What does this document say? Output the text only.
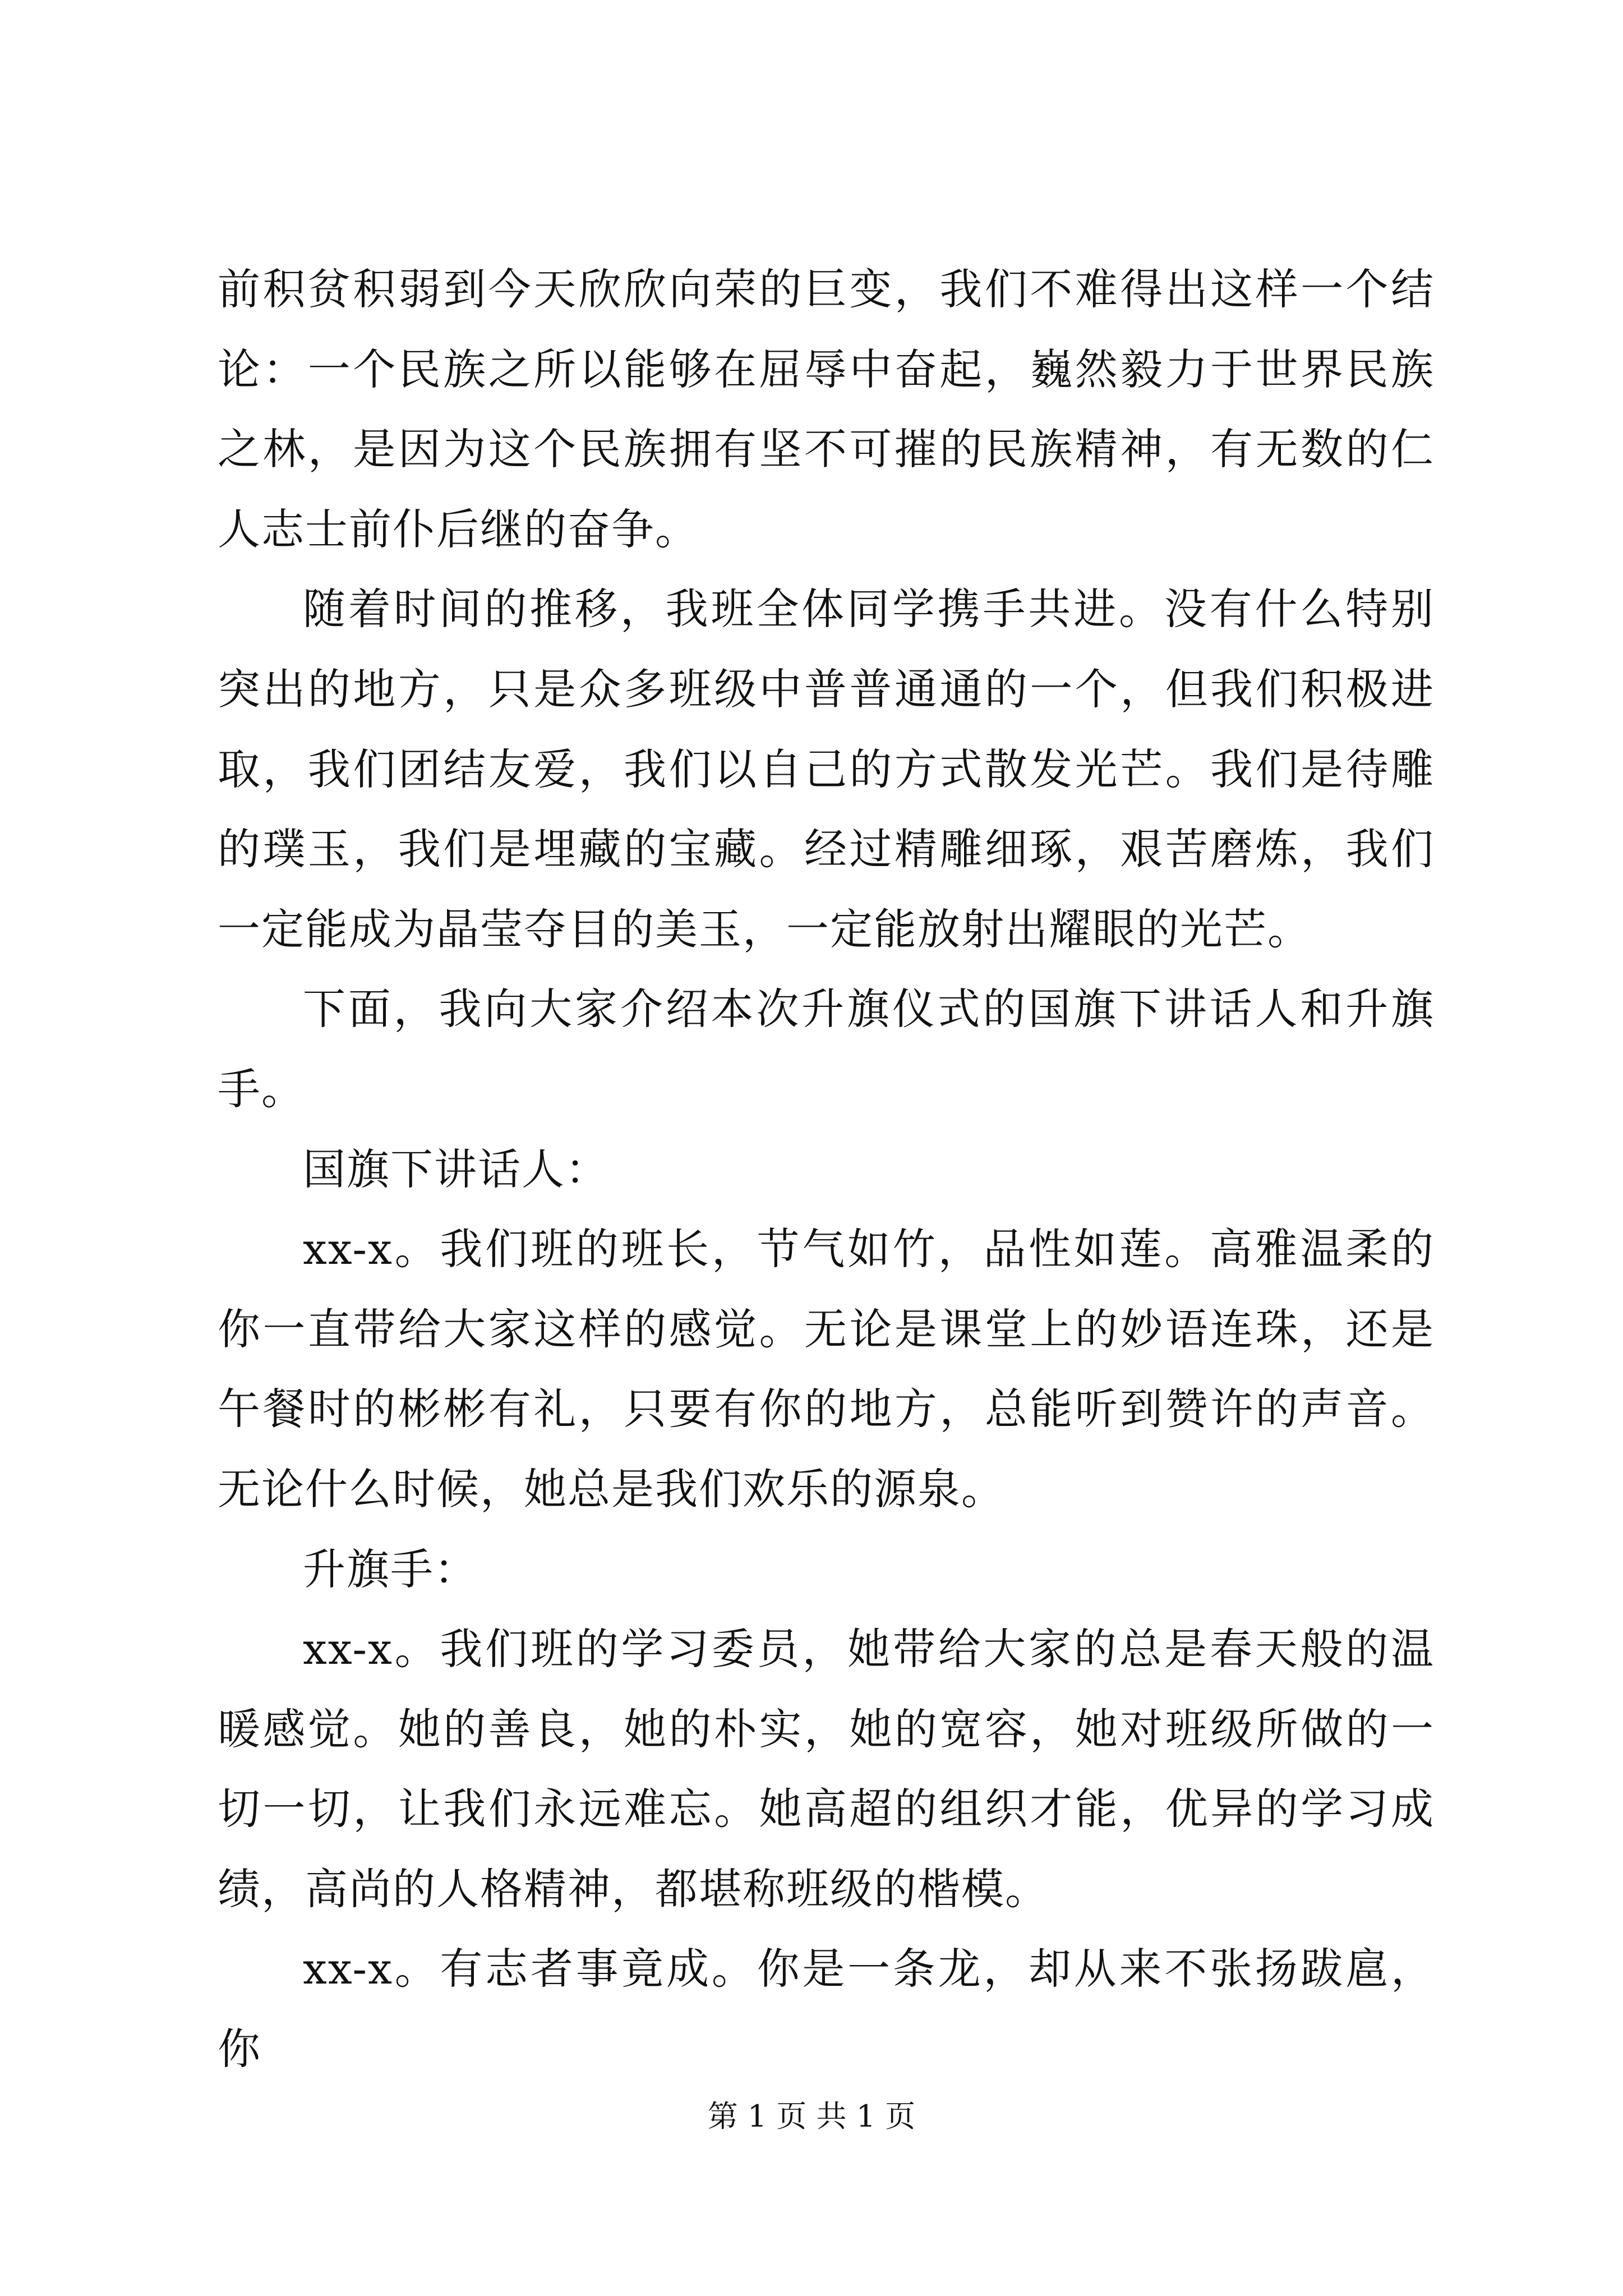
前积贫积弱到今天欣欣向荣的巨变，我们不难得出这样一个结论：一个民族之所以能够在屈辱中奋起，巍然毅力于世界民族之林，是因为这个民族拥有坚不可摧的民族精神，有无数的仁人志士前仆后继的奋争。

随着时间的推移，我班全体同学携手共进。没有什么特别突出的地方，只是众多班级中普普通通的一个，但我们积极进取，我们团结友爱，我们以自己的方式散发光芒。我们是待雕的璞玉，我们是埋藏的宝藏。经过精雕细琢，艰苦磨炼，我们一定能成为晶莹夺目的美玉，一定能放射出耀眼的光芒。

下面，我向大家介绍本次升旗仪式的国旗下讲话人和升旗手。

国旗下讲话人：

xx-x。我们班的班长，节气如竹，品性如莲。高雅温柔的你一直带给大家这样的感觉。无论是课堂上的妙语连珠，还是午餐时的彬彬有礼，只要有你的地方，总能听到赞许的声音。无论什么时候，她总是我们欢乐的源泉。

升旗手：

xx-x。我们班的学习委员，她带给大家的总是春天般的温暖感觉。她的善良，她的朴实，她的宽容，她对班级所做的一切一切，让我们永远难忘。她高超的组织才能，优异的学习成绩，高尚的人格精神，都堪称班级的楷模。

xx-x。有志者事竟成。你是一条龙，却从来不张扬跋扈，你

第 1 页 共 1 页
